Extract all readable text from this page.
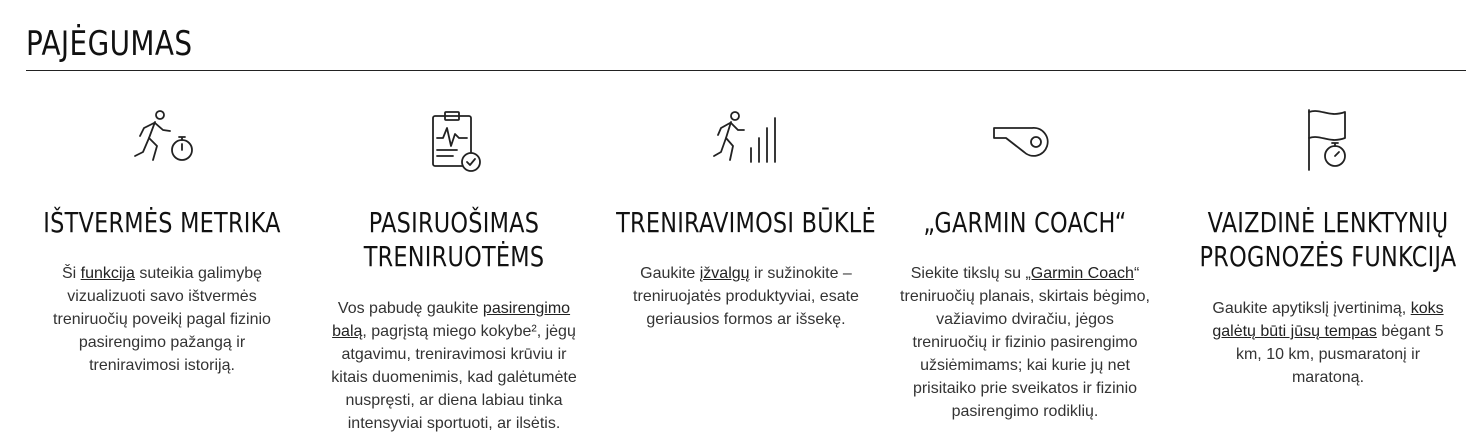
PAJĖGUMAS
IŠTVERMĖS METRIKA

Ši funkcija suteikia galimybę vizualizuoti savo ištvermės treniruočių poveikį pagal fizinio pasirengimo pažangą ir treniravimosi istoriją.

PASIRUOŠIMAS
TRENIRUOTĖMS

Vos pabudę gaukite pasirengimo balą, pagrįstą miego kokybe², jėgų atgavimu, treniravimosi krūviu ir kitais duomenimis, kad galėtumėte nuspręsti, ar diena labiau tinka intensyviai sportuoti, ar ilsėtis.

TRENIRAVIMOSI BŪKLĖ

Gaukite įžvalgų ir sužinokite – treniruojatės produktyviai, esate geriausios formos ar išsekę.

„GARMIN COACH“

Siekite tikslų su „Garmin Coach“ treniruočių planais, skirtais bėgimo, važiavimo dviračiu, jėgos treniruočių ir fizinio pasirengimo užsiėmimams; kai kurie jų net prisitaiko prie sveikatos ir fizinio pasirengimo rodiklių.

VAIZDINĖ LENKTYNIŲ
PROGNOZĖS FUNKCIJA

Gaukite apytikslį įvertinimą, koks galėtų būti jūsų tempas bėgant 5 km, 10 km, pusmaratonį ir maratoną.
